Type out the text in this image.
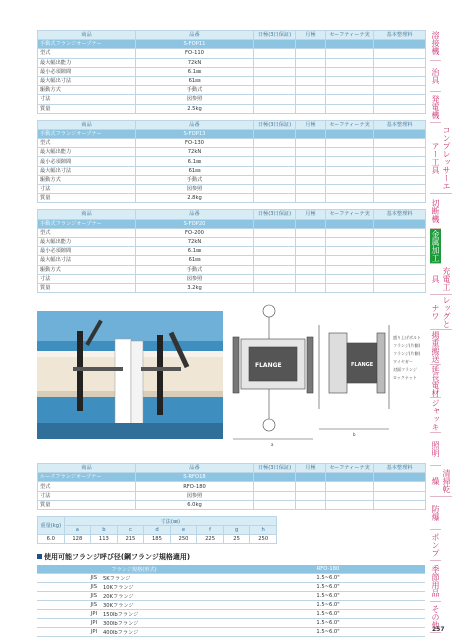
商品	品番	日極(3日保証)	月極	セーフティーテ実	基本整理料
手動式フランジオープナー	S-FOP11				
型式	FO-110				
最大幅出能力	72kN				
最小必須隙間	6.1㎜				
最大幅出寸法	61㎜				
駆動方式	手動式				
寸法	図参照				
質量	2.5kg				
商品	品番	日極(3日保証)	月極	セーフティーテ実	基本整理料
手動式フランジオープナー	S-FOP13				
型式	FO-130				
最大幅出能力	72kN				
最小必須隙間	6.1㎜				
最大幅出寸法	61㎜				
駆動方式	手動式				
寸法	図参照				
質量	2.8kg				
商品	品番	日極(3日保証)	月極	セーフティーテ実	基本整理料
手動式フランジオープナー	S-FOP20				
型式	FO-200				
最大幅出能力	72kN				
最小必須隙間	6.1㎜				
最大幅出寸法	61㎜				
駆動方式	手動式				
寸法	図参照				
質量	3.2kg				
FLANGE	FLANGE
盛り上げボルト
フランジ(片側)
フランジ(片側)
ワイヤガー
対面フランジ
ロックナット
a
b
商品	品番	日極(3日保証)	月極	セーフティーテ実	基本整理料
ルーズフランジオープナー	S-RFO18				
型式	RFO-180				
寸法	図参照				
質量	6.0kg				
重量(kg)	寸法(㎜)							
	a	b	c	d	e	f	g	h
6.0	128	113	215	185	250	225	25	250
使用可能フランジ呼び径(鋼フランジ規格適用)
フランジ規格(形式)			RFO-180
	JIS	5Kフランジ	1.5~6.0"
	JIS	10Kフランジ	1.5~6.0"
	JIS	20Kフランジ	1.5~6.0"
	JIS	30Kフランジ	1.5~6.0"
	JPI	150lbフランジ	1.5~6.0"
	JPI	300lbフランジ	1.5~6.0"
	JPI	400lbフランジ	1.5~6.0"
溶接機
治具
発電機
コンプレッサーエアー工具
切断機
金属加工
充電工具
レッグとナワ
揚重搬送
延長電材
ジャッキ
照明
清掃乾燥
防爆
ポンプ
季節用品
その他
257
